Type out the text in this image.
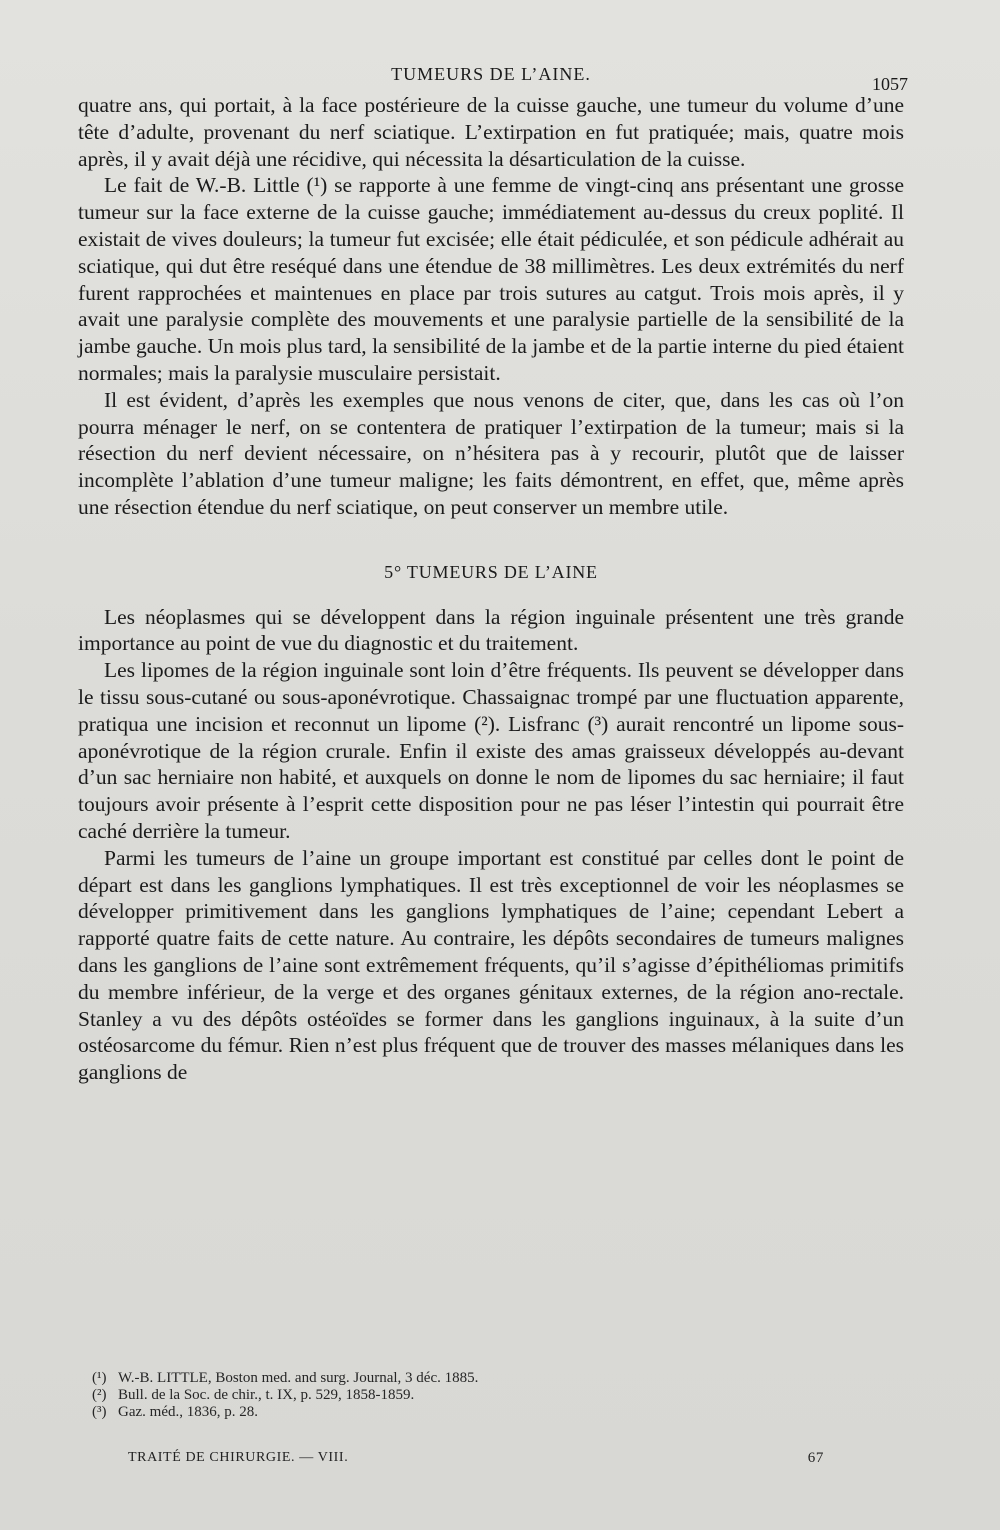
TUMEURS DE L’AINE.	1057

quatre ans, qui portait, à la face postérieure de la cuisse gauche, une tumeur du volume d’une tête d’adulte, provenant du nerf sciatique. L’extirpation en fut pratiquée; mais, quatre mois après, il y avait déjà une récidive, qui nécessita la désarticulation de la cuisse.

Le fait de W.-B. Little (¹) se rapporte à une femme de vingt-cinq ans présentant une grosse tumeur sur la face externe de la cuisse gauche; immédiatement au-dessus du creux poplité. Il existait de vives douleurs; la tumeur fut excisée; elle était pédiculée, et son pédicule adhérait au sciatique, qui dut être reséqué dans une étendue de 38 millimètres. Les deux extrémités du nerf furent rapprochées et maintenues en place par trois sutures au catgut. Trois mois après, il y avait une paralysie complète des mouvements et une paralysie partielle de la sensibilité de la jambe gauche. Un mois plus tard, la sensibilité de la jambe et de la partie interne du pied étaient normales; mais la paralysie musculaire persistait.

Il est évident, d’après les exemples que nous venons de citer, que, dans les cas où l’on pourra ménager le nerf, on se contentera de pratiquer l’extirpation de la tumeur; mais si la résection du nerf devient nécessaire, on n’hésitera pas à y recourir, plutôt que de laisser incomplète l’ablation d’une tumeur maligne; les faits démontrent, en effet, que, même après une résection étendue du nerf sciatique, on peut conserver un membre utile.

5° TUMEURS DE L’AINE

Les néoplasmes qui se développent dans la région inguinale présentent une très grande importance au point de vue du diagnostic et du traitement.

Les lipomes de la région inguinale sont loin d’être fréquents. Ils peuvent se développer dans le tissu sous-cutané ou sous-aponévrotique. Chassaignac trompé par une fluctuation apparente, pratiqua une incision et reconnut un lipome (²). Lisfranc (³) aurait rencontré un lipome sous-aponévrotique de la région crurale. Enfin il existe des amas graisseux développés au-devant d’un sac herniaire non habité, et auxquels on donne le nom de lipomes du sac herniaire; il faut toujours avoir présente à l’esprit cette disposition pour ne pas léser l’intestin qui pourrait être caché derrière la tumeur.

Parmi les tumeurs de l’aine un groupe important est constitué par celles dont le point de départ est dans les ganglions lymphatiques. Il est très exceptionnel de voir les néoplasmes se développer primitivement dans les ganglions lymphatiques de l’aine; cependant Lebert a rapporté quatre faits de cette nature. Au contraire, les dépôts secondaires de tumeurs malignes dans les ganglions de l’aine sont extrêmement fréquents, qu’il s’agisse d’épithéliomas primitifs du membre inférieur, de la verge et des organes génitaux externes, de la région ano-rectale. Stanley a vu des dépôts ostéoïdes se former dans les ganglions inguinaux, à la suite d’un ostéosarcome du fémur. Rien n’est plus fréquent que de trouver des masses mélaniques dans les ganglions de

(¹) W.-B. LITTLE, Boston med. and surg. Journal, 3 déc. 1885.
(²) Bull. de la Soc. de chir., t. IX, p. 529, 1858-1859.
(³) Gaz. méd., 1836, p. 28.
TRAITÉ DE CHIRURGIE. — VIII.	67
